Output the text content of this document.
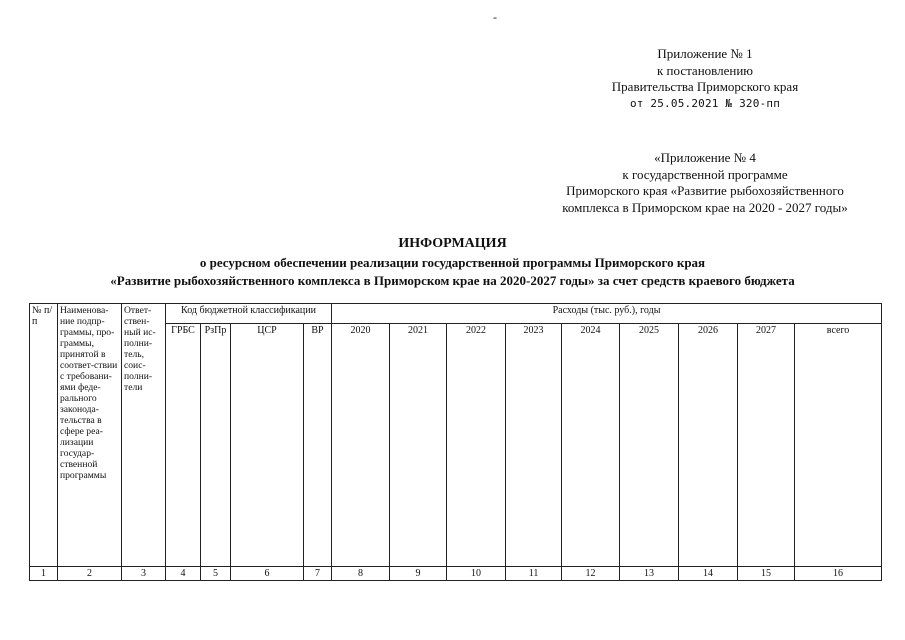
-
Приложение № 1
к постановлению
Правительства Приморского края
от 25.05.2021 № 320-пп
«Приложение № 4
к государственной программе
Приморского края «Развитие рыбохозяйственного
комплекса в Приморском крае на 2020 - 2027 годы»
ИНФОРМАЦИЯ
о ресурсном обеспечении реализации государственной программы Приморского края
«Развитие рыбохозяйственного комплекса в Приморском крае на 2020-2027 годы» за счет средств краевого бюджета
№ п/п	Наименова-ние подпр-граммы, про-граммы, принятой в соответ-ствии с требовани-ями феде-рального законода-тельства в сфере реа-лизации государ-ственной программы	Ответ-ствен-ный ис-полни-тель, соис-полни-тели	Код бюджетной классификации				Расходы (тыс. руб.), годы								
			ГРБС	РзПр	ЦСР	ВР	2020	2021	2022	2023	2024	2025	2026	2027	всего
1	2	3	4	5	6	7	8	9	10	11	12	13	14	15	16
